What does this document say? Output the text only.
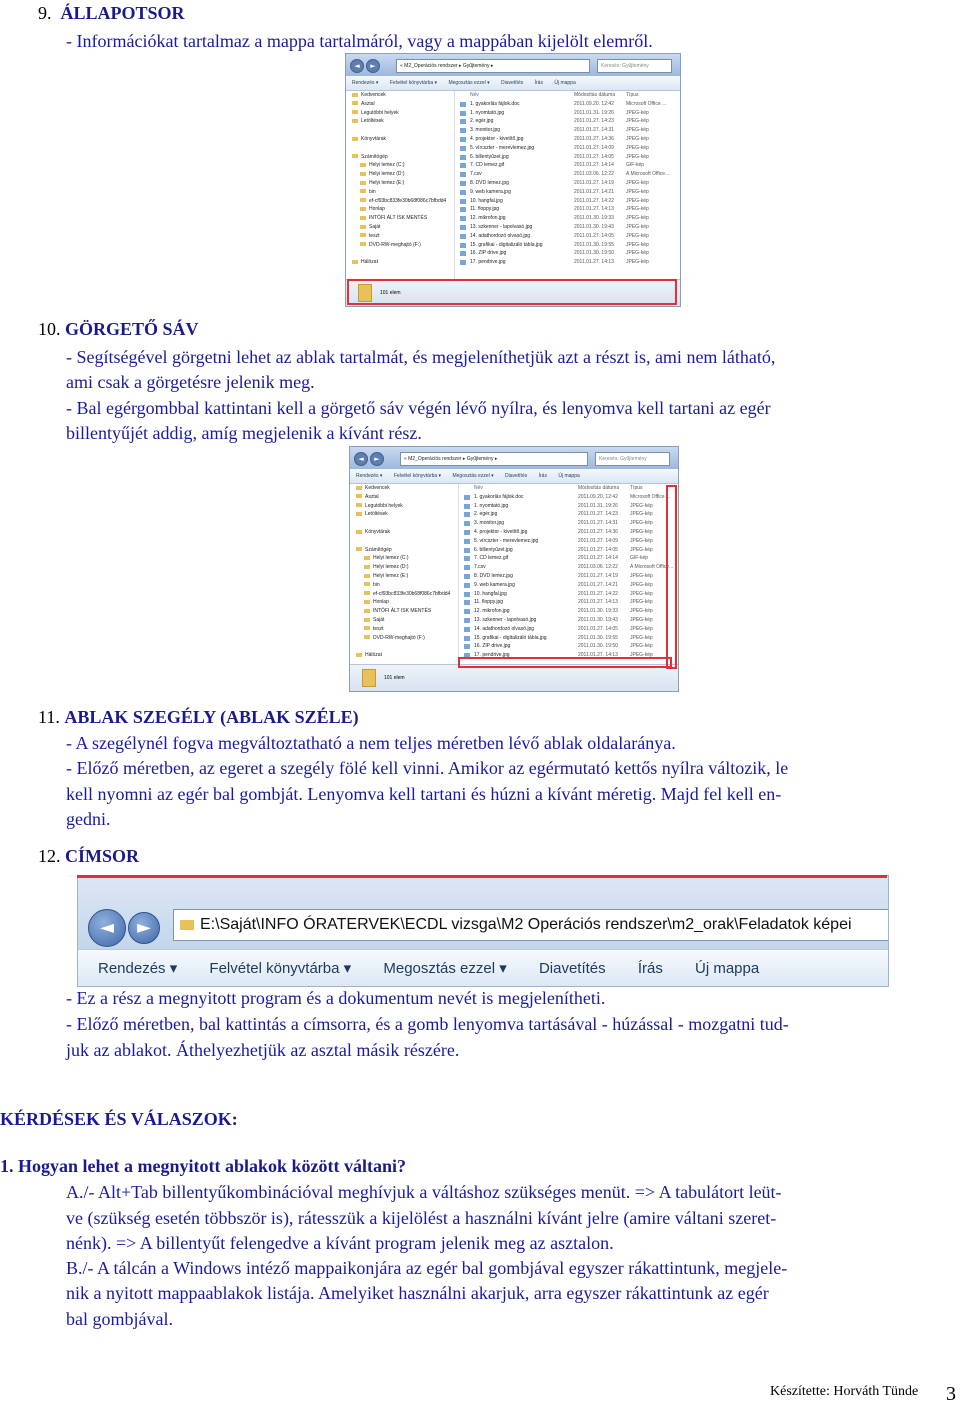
9. ÁLLAPOTSOR
- Információkat tartalmaz a mappa tartalmáról, vagy a mappában kijelölt elemről.
◄	►	« M2_Operációs rendszer ▸ Gyűjtemény ▸	Keresés: Gyűjtemény
Rendezés ▾ Felvétel könyvtárba ▾ Megosztás ezzel ▾ Diavetítés Írás Új mappa
Kedvencek
Asztal
Legutóbbi helyek
Letöltések
Könyvtárak
Számítógép
Helyi lemez (C:)
Helyi lemez (D:)
Helyi lemez (E:)
bin
ef-cf93bc833fe30b68f086c7bfbdd4
Honlap
INTÖFI ÁLT ISK MENTÉS
Saját
teszt
DVD-RW-meghajtó (F:)
Hálózat
Név	Módosítás dátuma Típus
1. gyakorlás fájlok.doc	2011.09.20. 12:42 Microsoft Office ...
1. nyomtató.jpg	2011.01.31. 19:26 JPEG-kép
2. egér.jpg	2011.01.27. 14:23 JPEG-kép
3. monitor.jpg	2011.01.27. 14:31 JPEG-kép
4. projektor - kivetítő.jpg	2011.01.27. 14:36 JPEG-kép
5. vírcszter - merevlemez.jpg	2011.01.27. 14:09 JPEG-kép
6. billentyűzet.jpg	2011.01.27. 14:05 JPEG-kép
7. CD lemez.gif	2011.01.27. 14:14 GIF-kép
7.csv	2011.03.06. 12:22 A Microsoft Office...
8. DVD lemez.jpg	2011.01.27. 14:19 JPEG-kép
9. web kamera.jpg	2011.01.27. 14:21 JPEG-kép
10. hangfal.jpg	2011.01.27. 14:22 JPEG-kép
11. floppy.jpg	2011.01.27. 14:13 JPEG-kép
12. mikrofon.jpg	2011.01.30. 19:33 JPEG-kép
13. szkenner - lapolvasó.jpg	2011.01.30. 19:43 JPEG-kép
14. adathordozó olvasó.jpg	2011.01.27. 14:05 JPEG-kép
15. grafikai - digitalizáló tábla.jpg	2011.01.30. 19:55 JPEG-kép
16. ZIP drive.jpg	2011.01.30. 19:50 JPEG-kép
17. pendrive.jpg	2011.01.27. 14:13 JPEG-kép
101 elem
10. GÖRGETŐ SÁV
- Segítségével görgetni lehet az ablak tartalmát, és megjeleníthetjük azt a részt is, ami nem látható,
ami csak a görgetésre jelenik meg.
- Bal egérgombbal kattintani kell a görgető sáv végén lévő nyílra, és lenyomva kell tartani az egér
billentyűjét addig, amíg megjelenik a kívánt rész.
◄	►	« M2_Operációs rendszer ▸ Gyűjtemény ▸	Keresés: Gyűjtemény
Rendezés ▾ Felvétel könyvtárba ▾ Megosztás ezzel ▾ Diavetítés Írás Új mappa
Kedvencek
Asztal
Legutóbbi helyek
Letöltések
Könyvtárak
Számítógép
Helyi lemez (C:)
Helyi lemez (D:)
Helyi lemez (E:)
bin
ef-cf93bc833fe30b68f086c7bfbdd4
Honlap
INTÖFI ÁLT ISK MENTÉS
Saját
teszt
DVD-RW-meghajtó (F:)
Hálózat
Név	Módosítás dátuma Típus
1. gyakorlás fájlok.doc	2011.09.20. 12:42 Microsoft Office ...
1. nyomtató.jpg	2011.01.31. 19:26 JPEG-kép
2. egér.jpg	2011.01.27. 14:23 JPEG-kép
3. monitor.jpg	2011.01.27. 14:31 JPEG-kép
4. projektor - kivetítő.jpg	2011.01.27. 14:36 JPEG-kép
5. vírcszter - merevlemez.jpg	2011.01.27. 14:09 JPEG-kép
6. billentyűzet.jpg	2011.01.27. 14:05 JPEG-kép
7. CD lemez.gif	2011.01.27. 14:14 GIF-kép
7.csv	2011.03.06. 12:22 A Microsoft Office...
8. DVD lemez.jpg	2011.01.27. 14:19 JPEG-kép
9. web kamera.jpg	2011.01.27. 14:21 JPEG-kép
10. hangfal.jpg	2011.01.27. 14:22 JPEG-kép
11. floppy.jpg	2011.01.27. 14:13 JPEG-kép
12. mikrofon.jpg	2011.01.30. 19:33 JPEG-kép
13. szkenner - lapolvasó.jpg	2011.01.30. 19:43 JPEG-kép
14. adathordozó olvasó.jpg	2011.01.27. 14:05 JPEG-kép
15. grafikai - digitalizáló tábla.jpg	2011.01.30. 19:55 JPEG-kép
16. ZIP drive.jpg	2011.01.30. 19:50 JPEG-kép
17. pendrive.jpg	2011.01.27. 14:13 JPEG-kép
101 elem
11. ABLAK SZEGÉLY (ABLAK SZÉLE)
- A szegélynél fogva megváltoztatható a nem teljes méretben lévő ablak oldalaránya.
- Előző méretben, az egeret a szegély fölé kell vinni. Amikor az egérmutató kettős nyílra változik, le
kell nyomni az egér bal gombját. Lenyomva kell tartani és húzni a kívánt méretig. Majd fel kell en-
gedni.
12. CÍMSOR
◄	►	E:\Saját\INFO ÓRATERVEK\ECDL vizsga\M2 Operációs rendszer\m2_orak\Feladatok képei
Rendezés ▾ Felvétel könyvtárba ▾ Megosztás ezzel ▾ Diavetítés Írás Új mappa
- Ez a rész a megnyitott program és a dokumentum nevét is megjelenítheti.
- Előző méretben, bal kattintás a címsorra, és a gomb lenyomva tartásával - húzással - mozgatni tud-
juk az ablakot. Áthelyezhetjük az asztal másik részére.
KÉRDÉSEK ÉS VÁLASZOK:
1. Hogyan lehet a megnyitott ablakok között váltani?
A./- Alt+Tab billentyűkombinációval meghívjuk a váltáshoz szükséges menüt. => A tabulátort leüt-
ve (szükség esetén többször is), rátesszük a kijelölést a használni kívánt jelre (amire váltani szeret-
nénk). => A billentyűt felengedve a kívánt program jelenik meg az asztalon.
B./- A tálcán a Windows intéző mappaikonjára az egér bal gombjával egyszer rákattintunk, megjele-
nik a nyitott mappaablakok listája. Amelyiket használni akarjuk, arra egyszer rákattintunk az egér
bal gombjával.
Készítette: Horváth Tünde 3
